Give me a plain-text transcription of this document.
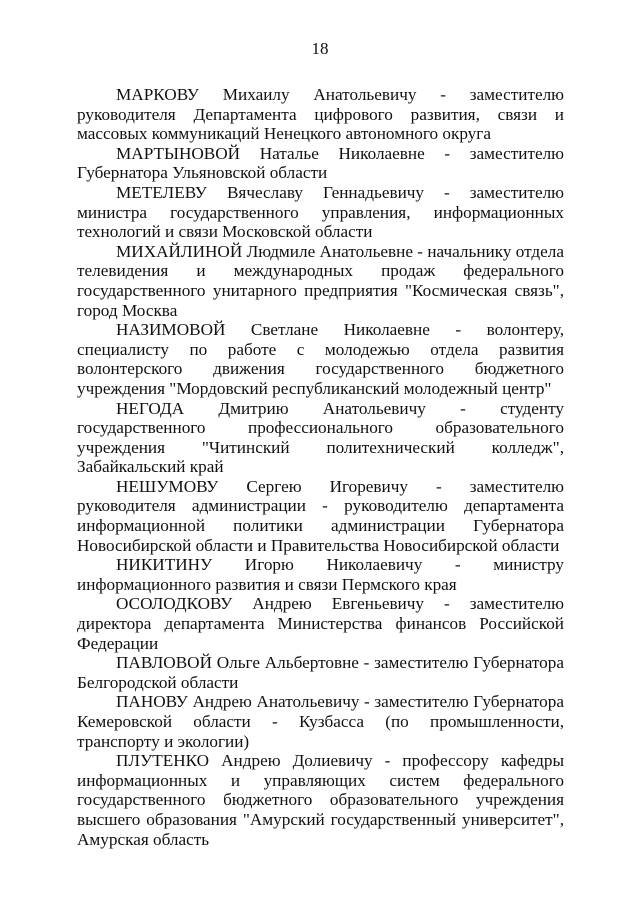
18

МАРКОВУ Михаилу Анатольевичу - заместителю руководителя Департамента цифрового развития, связи и массовых коммуникаций Ненецкого автономного округа

МАРТЫНОВОЙ Наталье Николаевне - заместителю Губернатора Ульяновской области

МЕТЕЛЕВУ Вячеславу Геннадьевичу - заместителю министра государственного управления, информационных технологий и связи Московской области

МИХАЙЛИНОЙ Людмиле Анатольевне - начальнику отдела телевидения и международных продаж федерального государственного унитарного предприятия "Космическая связь", город Москва

НАЗИМОВОЙ Светлане Николаевне - волонтеру, специалисту по работе с молодежью отдела развития волонтерского движения государственного бюджетного учреждения "Мордовский республиканский молодежный центр"

НЕГОДА Дмитрию Анатольевичу - студенту государственного профессионального образовательного учреждения "Читинский политехнический колледж", Забайкальский край

НЕШУМОВУ Сергею Игоревичу - заместителю руководителя администрации - руководителю департамента информационной политики администрации Губернатора Новосибирской области и Правительства Новосибирской области

НИКИТИНУ Игорю Николаевичу - министру информационного развития и связи Пермского края

ОСОЛОДКОВУ Андрею Евгеньевичу - заместителю директора департамента Министерства финансов Российской Федерации

ПАВЛОВОЙ Ольге Альбертовне - заместителю Губернатора Белгородской области

ПАНОВУ Андрею Анатольевичу - заместителю Губернатора Кемеровской области - Кузбасса (по промышленности, транспорту и экологии)

ПЛУТЕНКО Андрею Долиевичу - профессору кафедры информационных и управляющих систем федерального государственного бюджетного образовательного учреждения высшего образования "Амурский государственный университет", Амурская область
